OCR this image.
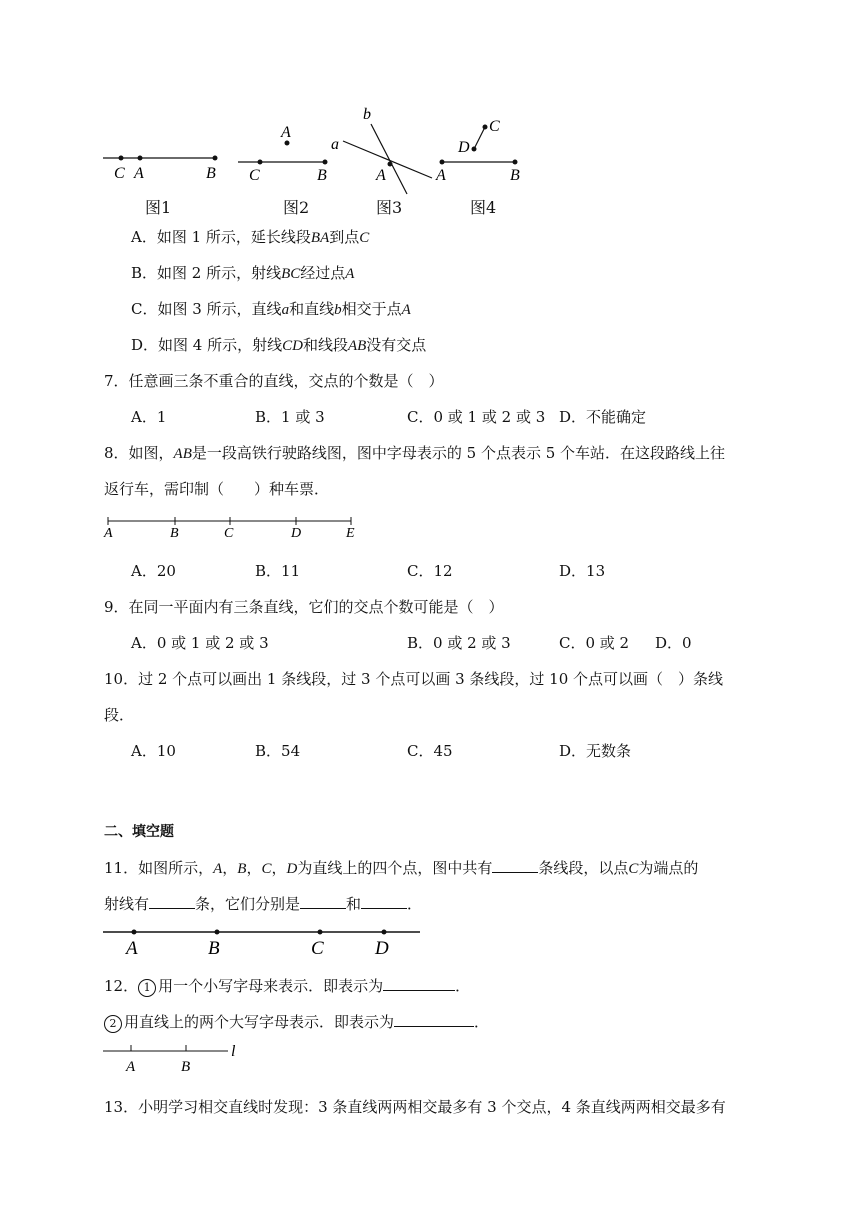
C A	B
A
C	B
b
a
A
C
D
A	B
图1	图2	图3	图4
A．如图 1 所示，延长线段BA到点C
B．如图 2 所示，射线BC经过点A
C．如图 3 所示，直线a和直线b相交于点A
D．如图 4 所示，射线CD和线段AB没有交点
7．任意画三条不重合的直线，交点的个数是（　）
A．1	B．1 或 3	C．0 或 1 或 2 或 3 D．不能确定
8．如图，AB是一段高铁行驶路线图，图中字母表示的 5 个点表示 5 个车站．在这段路线上往
返行车，需印制（　　）种车票．
A	B	C	D	E
A．20	B．11	C．12	D．13
9．在同一平面内有三条直线，它们的交点个数可能是（　）
A．0 或 1 或 2 或 3	B．0 或 2 或 3	C．0 或 2 D．0
10．过 2 个点可以画出 1 条线段，过 3 个点可以画 3 条线段，过 10 个点可以画（　）条线
段．
A．10	B．54	C．45	D．无数条
二、填空题
11．如图所示，A，B，C，D为直线上的四个点，图中共有	条线段，以点C为端点的
射线有	条，它们分别是	和	．
A	B	C	D
12． 1 用一个小写字母来表示．即表示为	．
2 用直线上的两个大写字母表示．即表示为	．
l
A	B
13．小明学习相交直线时发现：3 条直线两两相交最多有 3 个交点，4 条直线两两相交最多有
